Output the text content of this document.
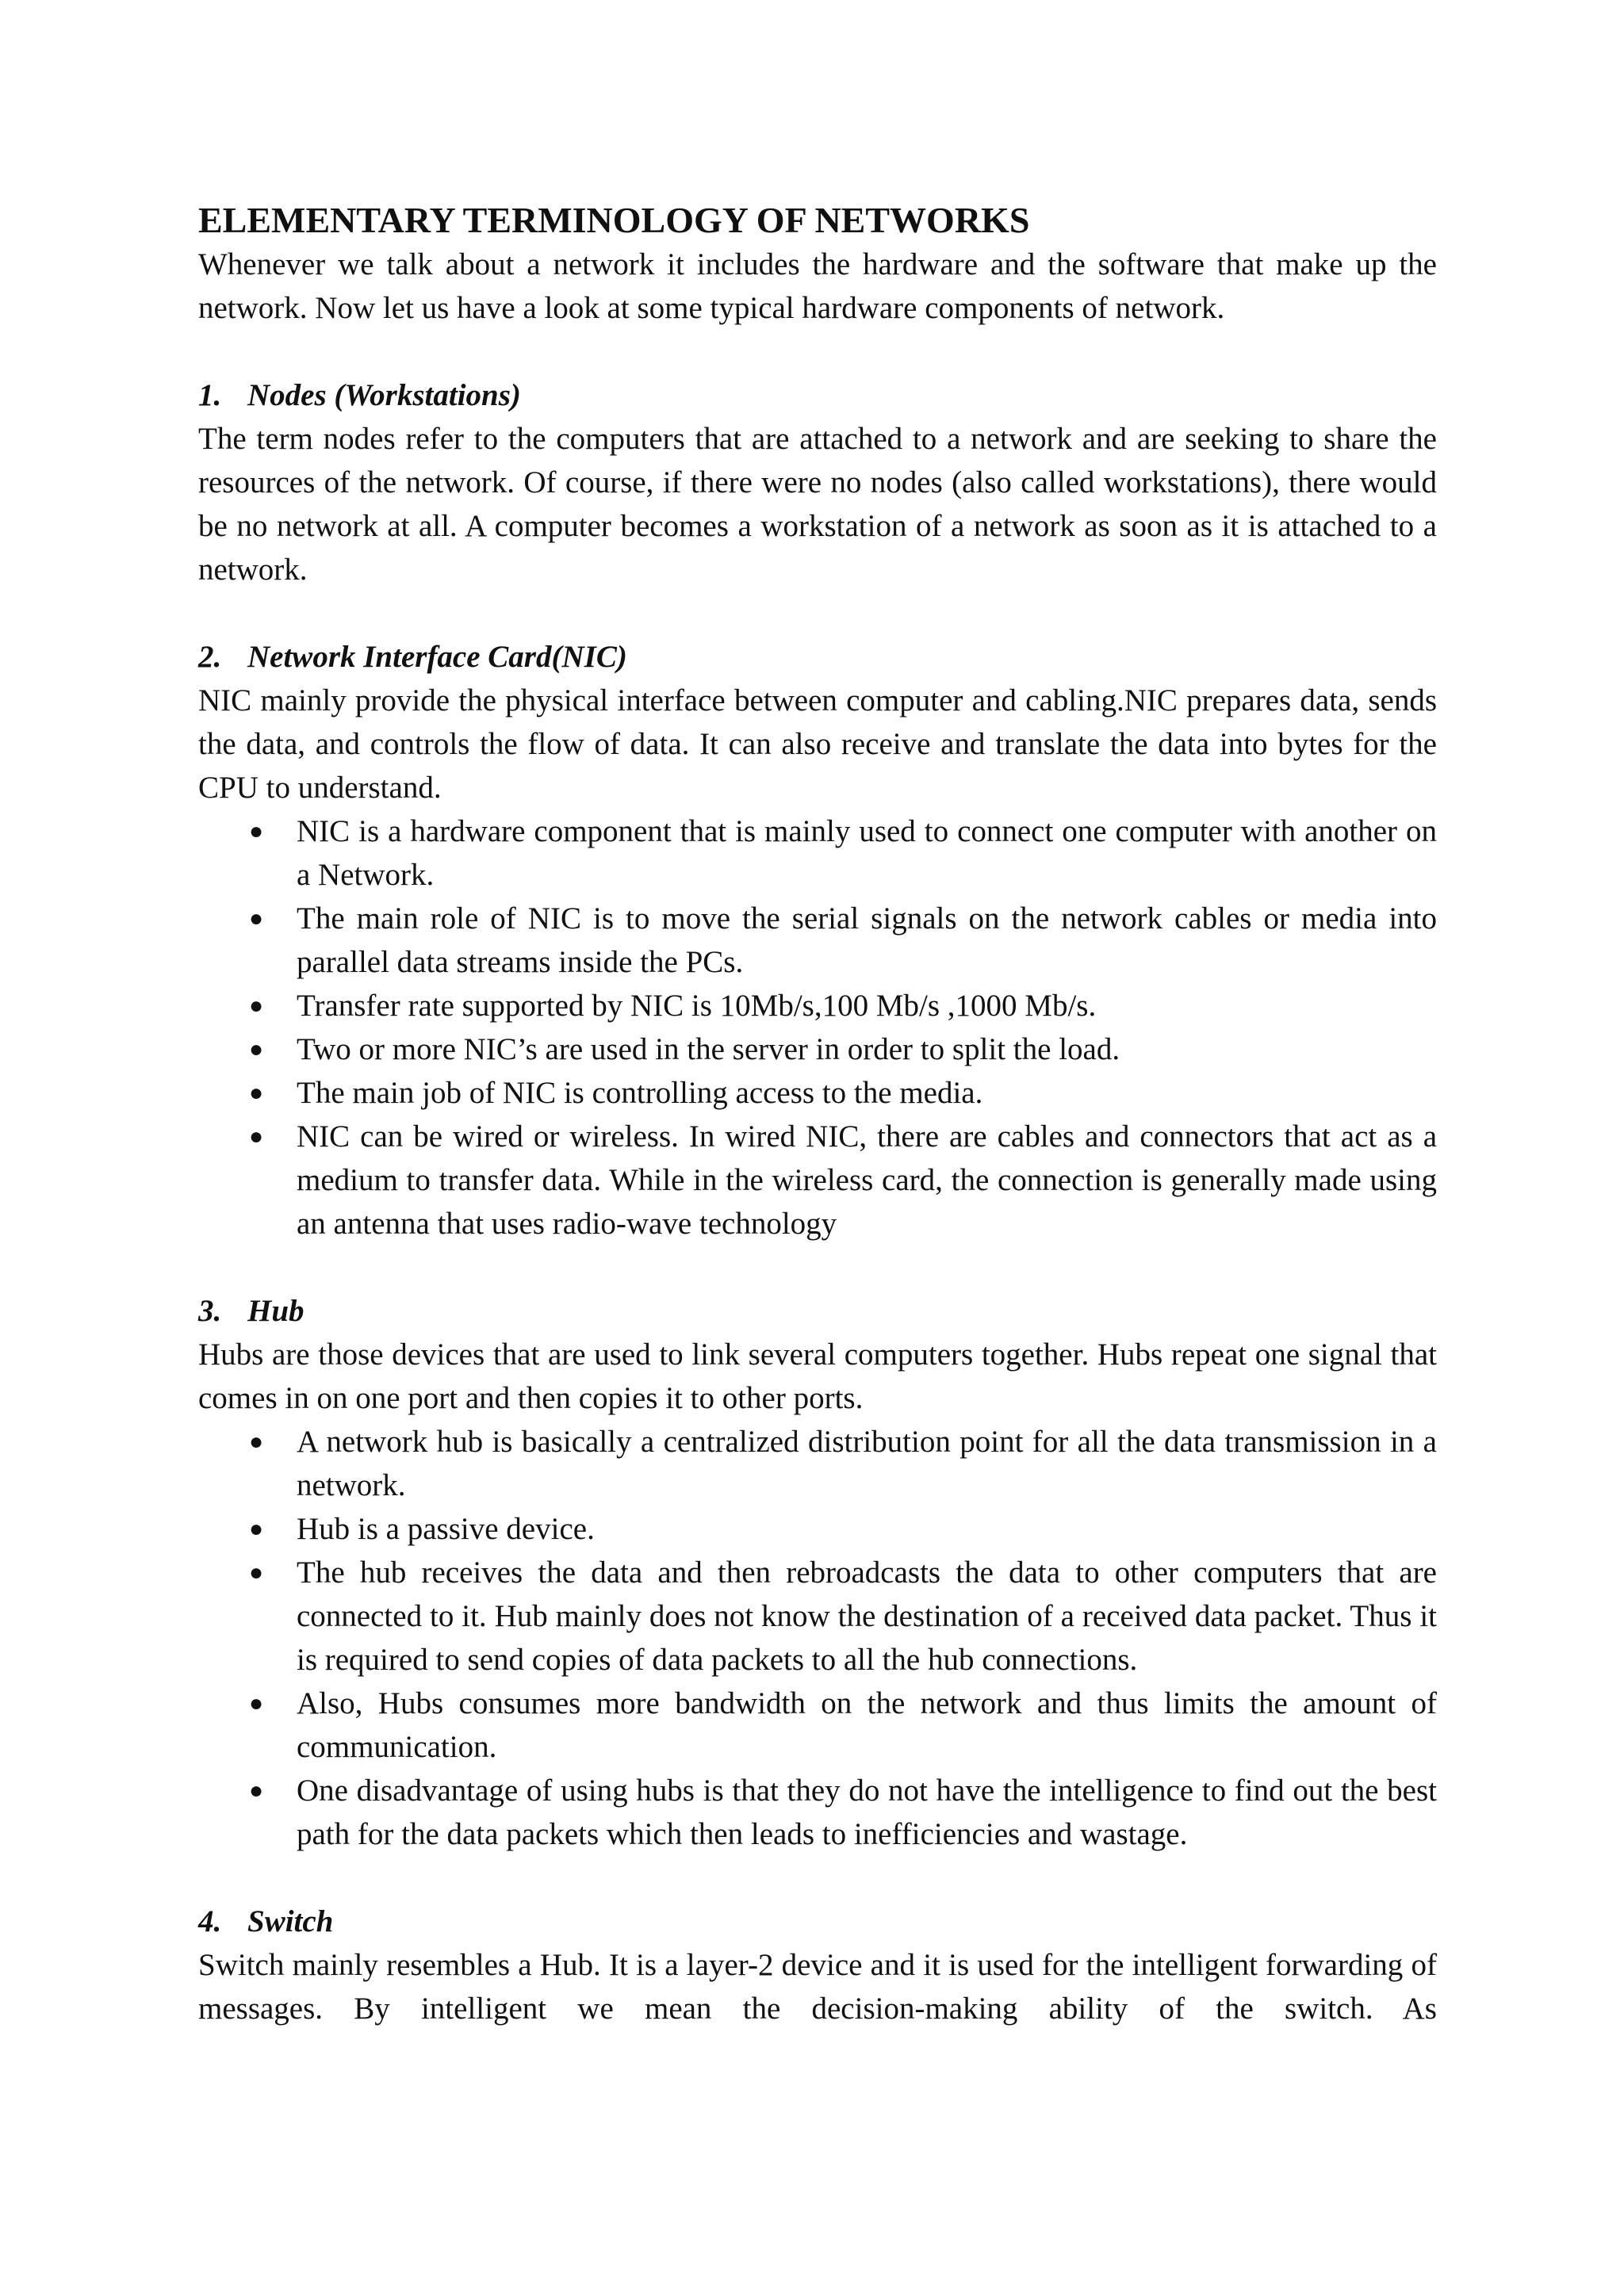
ELEMENTARY TERMINOLOGY OF NETWORKS

Whenever we talk about a network it includes the hardware and the software that make up the network. Now let us have a look at some typical hardware components of network.

1. Nodes (Workstations)

The term nodes refer to the computers that are attached to a network and are seeking to share the resources of the network. Of course, if there were no nodes (also called workstations), there would be no network at all. A computer becomes a workstation of a network as soon as it is attached to a network.

2. Network Interface Card(NIC)

NIC mainly provide the physical interface between computer and cabling.NIC prepares data, sends the data, and controls the flow of data. It can also receive and translate the data into bytes for the CPU to understand.

● NIC is a hardware component that is mainly used to connect one computer with another on a Network.
● The main role of NIC is to move the serial signals on the network cables or media into parallel data streams inside the PCs.
● Transfer rate supported by NIC is 10Mb/s,100 Mb/s ,1000 Mb/s.
● Two or more NIC’s are used in the server in order to split the load.
● The main job of NIC is controlling access to the media.
● NIC can be wired or wireless. In wired NIC, there are cables and connectors that act as a medium to transfer data. While in the wireless card, the connection is generally made using an antenna that uses radio-wave technology
3. Hub

Hubs are those devices that are used to link several computers together. Hubs repeat one signal that comes in on one port and then copies it to other ports.

● A network hub is basically a centralized distribution point for all the data transmission in a network.
● Hub is a passive device.
● The hub receives the data and then rebroadcasts the data to other computers that are connected to it. Hub mainly does not know the destination of a received data packet. Thus it is required to send copies of data packets to all the hub connections.
● Also, Hubs consumes more bandwidth on the network and thus limits the amount of communication.
● One disadvantage of using hubs is that they do not have the intelligence to find out the best path for the data packets which then leads to inefficiencies and wastage.
4. Switch

Switch mainly resembles a Hub. It is a layer-2 device and it is used for the intelligent forwarding of messages. By intelligent we mean the decision-making ability of the switch. As
